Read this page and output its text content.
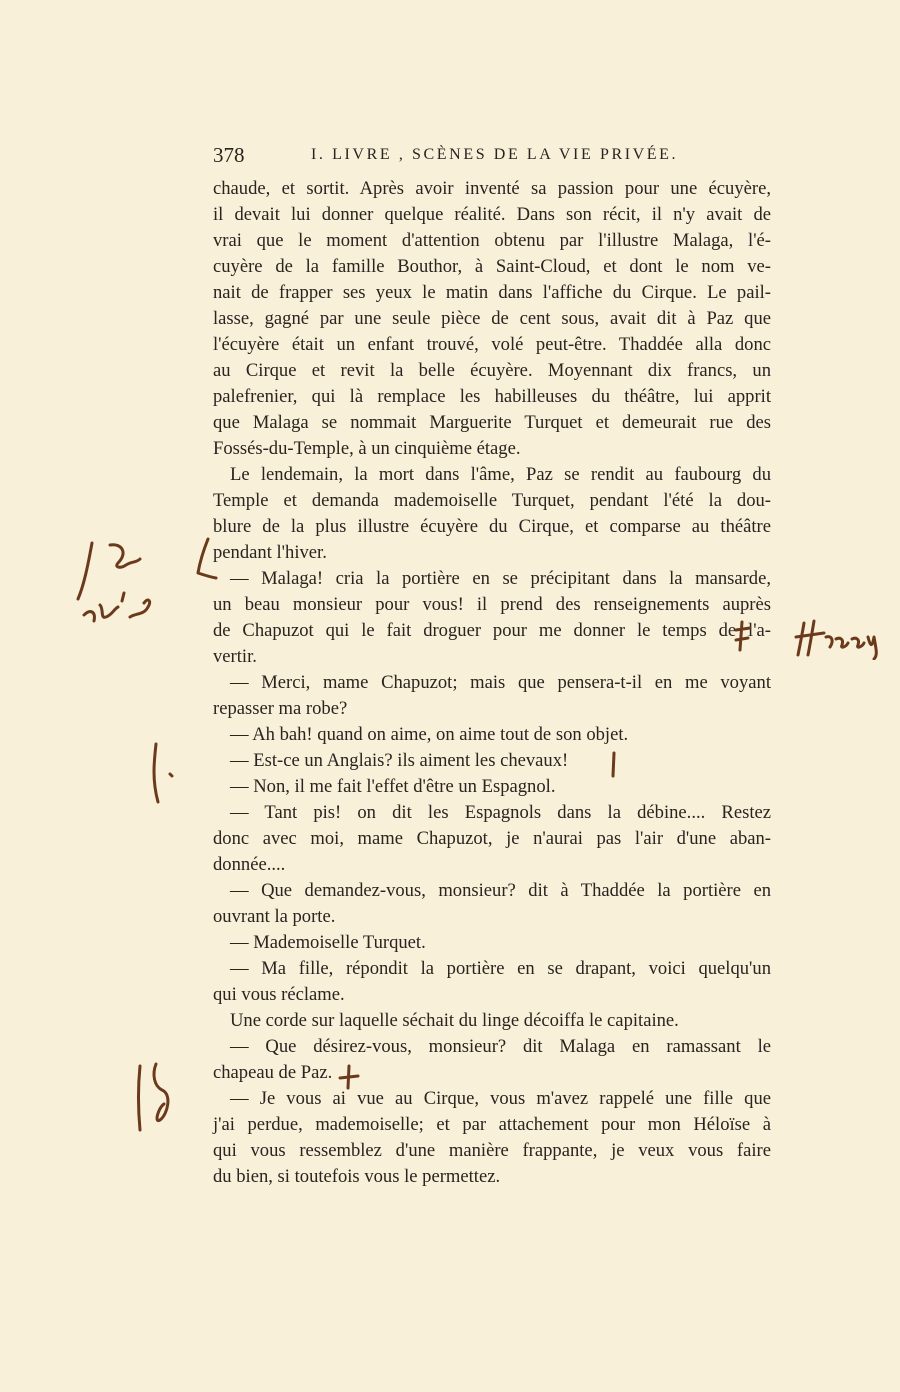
378	I. LIVRE , SCÈNES DE LA VIE PRIVÉE.
chaude, et sortit. Après avoir inventé sa passion pour une écuyère,
il devait lui donner quelque réalité. Dans son récit, il n'y avait de
vrai que le moment d'attention obtenu par l'illustre Malaga, l'é-
cuyère de la famille Bouthor, à Saint-Cloud, et dont le nom ve-
nait de frapper ses yeux le matin dans l'affiche du Cirque. Le pail-
lasse, gagné par une seule pièce de cent sous, avait dit à Paz que
l'écuyère était un enfant trouvé, volé peut-être. Thaddée alla donc
au Cirque et revit la belle écuyère. Moyennant dix francs, un
palefrenier, qui là remplace les habilleuses du théâtre, lui apprit
que Malaga se nommait Marguerite Turquet et demeurait rue des
Fossés-du-Temple, à un cinquième étage.
Le lendemain, la mort dans l'âme, Paz se rendit au faubourg du
Temple et demanda mademoiselle Turquet, pendant l'été la dou-
blure de la plus illustre écuyère du Cirque, et comparse au théâtre
pendant l'hiver.
— Malaga! cria la portière en se précipitant dans la mansarde,
un beau monsieur pour vous! il prend des renseignements auprès
de Chapuzot qui le fait droguer pour me donner le temps de l'a-
vertir.
— Merci, mame Chapuzot; mais que pensera-t-il en me voyant
repasser ma robe?
— Ah bah! quand on aime, on aime tout de son objet.
— Est-ce un Anglais? ils aiment les chevaux!
— Non, il me fait l'effet d'être un Espagnol.
— Tant pis! on dit les Espagnols dans la débine.... Restez
donc avec moi, mame Chapuzot, je n'aurai pas l'air d'une aban-
donnée....
— Que demandez-vous, monsieur? dit à Thaddée la portière en
ouvrant la porte.
— Mademoiselle Turquet.
— Ma fille, répondit la portière en se drapant, voici quelqu'un
qui vous réclame.
Une corde sur laquelle séchait du linge décoiffa le capitaine.
— Que désirez-vous, monsieur? dit Malaga en ramassant le
chapeau de Paz.
— Je vous ai vue au Cirque, vous m'avez rappelé une fille que
j'ai perdue, mademoiselle; et par attachement pour mon Héloïse à
qui vous ressemblez d'une manière frappante, je veux vous faire
du bien, si toutefois vous le permettez.
